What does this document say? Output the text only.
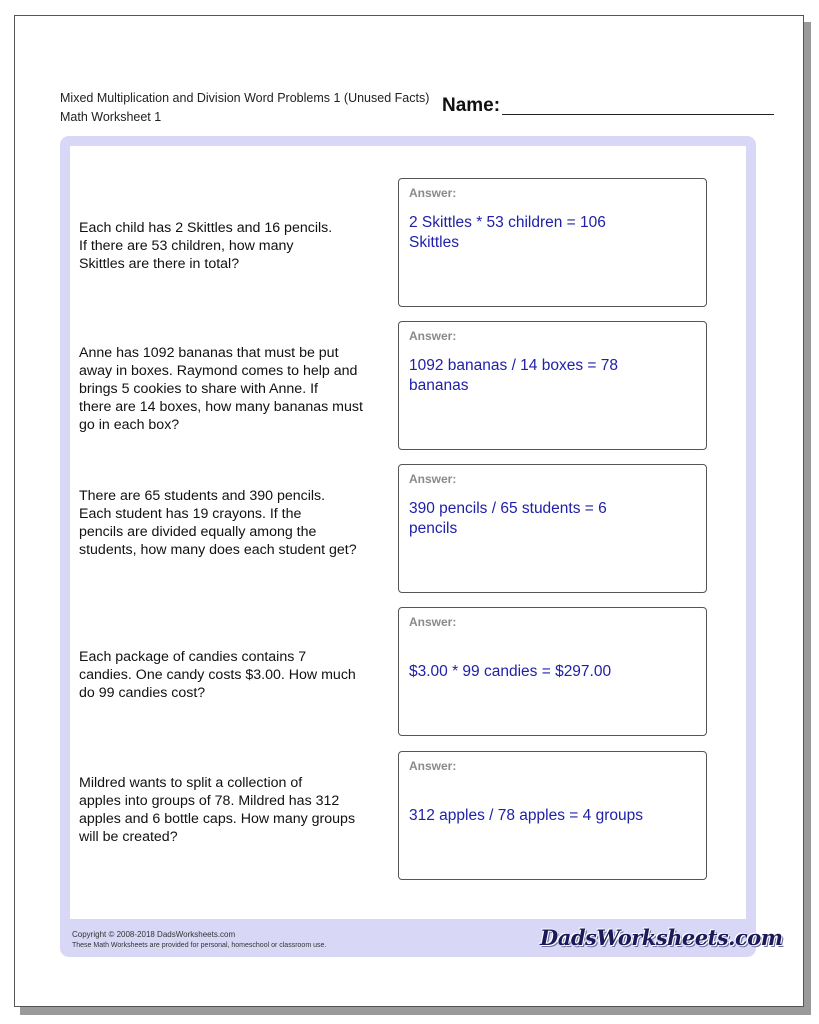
Mixed Multiplication and Division Word Problems 1 (Unused Facts)
Math Worksheet 1
Name:
Each child has 2 Skittles and 16 pencils.
If there are 53 children, how many
Skittles are there in total?
Answer:
2 Skittles * 53 children = 106 Skittles
Anne has 1092 bananas that must be put
away in boxes. Raymond comes to help and
brings 5 cookies to share with Anne. If
there are 14 boxes, how many bananas must
go in each box?
Answer:
1092 bananas / 14 boxes = 78 bananas
There are 65 students and 390 pencils.
Each student has 19 crayons. If the
pencils are divided equally among the
students, how many does each student get?
Answer:
390 pencils / 65 students = 6 pencils
Each package of candies contains 7
candies. One candy costs $3.00. How much
do 99 candies cost?
Answer:
$3.00 * 99 candies = $297.00
Mildred wants to split a collection of
apples into groups of 78. Mildred has 312
apples and 6 bottle caps. How many groups
will be created?
Answer:
312 apples / 78 apples = 4 groups
Copyright © 2008-2018 DadsWorksheets.com
These Math Worksheets are provided for personal, homeschool or classroom use.	DadsWorksheets.com
